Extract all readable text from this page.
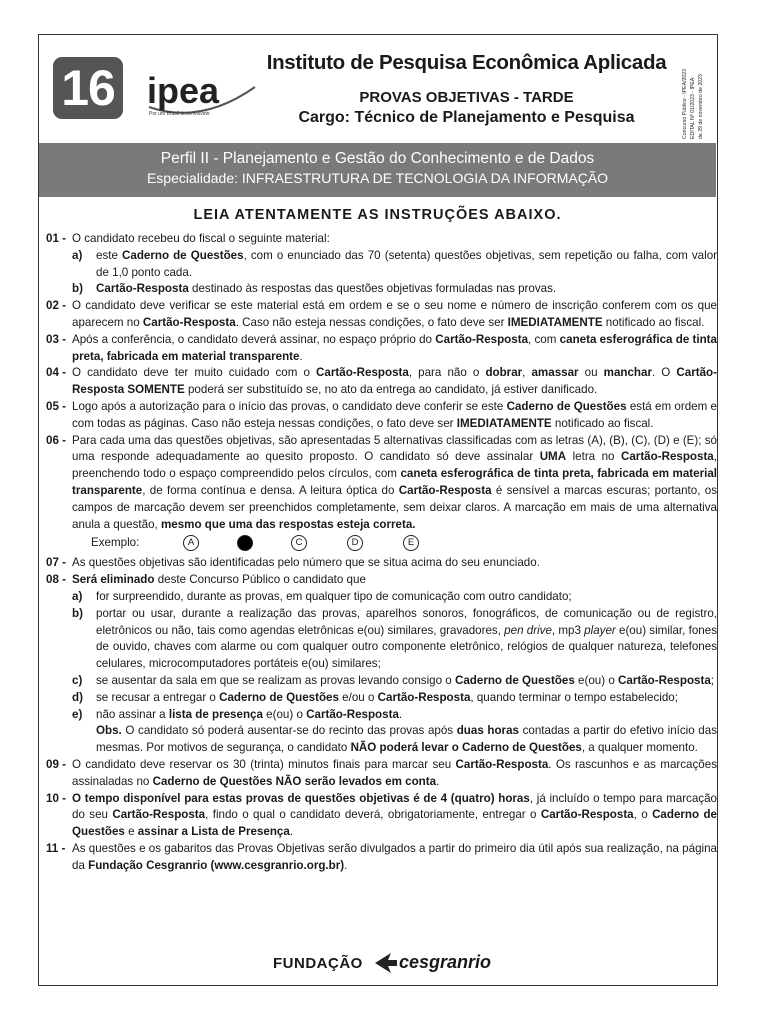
16 ipea
Por um Brasil desenvolvido
Instituto de Pesquisa Econômica Aplicada
PROVAS OBJETIVAS - TARDE
Cargo: Técnico de Planejamento e Pesquisa	Concurso Público - IPEA/2023 EDITAL Nº 01/2023 - IPEA de 29 de novembro de 2023
Perfil II - Planejamento e Gestão do Conhecimento e de Dados
Especialidade: INFRAESTRUTURA DE TECNOLOGIA DA INFORMAÇÃO
LEIA ATENTAMENTE AS INSTRUÇÕES ABAIXO.
01 - O candidato recebeu do fiscal o seguinte material:
a) este Caderno de Questões, com o enunciado das 70 (setenta) questões objetivas, sem repetição ou falha, com valor de 1,0 ponto cada.
b) Cartão-Resposta destinado às respostas das questões objetivas formuladas nas provas.
02 - O candidato deve verificar se este material está em ordem e se o seu nome e número de inscrição conferem com os que aparecem no Cartão-Resposta. Caso não esteja nessas condições, o fato deve ser IMEDIATAMENTE notificado ao fiscal.
03 - Após a conferência, o candidato deverá assinar, no espaço próprio do Cartão-Resposta, com caneta esferográfica de tinta preta, fabricada em material transparente.
04 - O candidato deve ter muito cuidado com o Cartão-Resposta, para não o dobrar, amassar ou manchar. O Cartão-Resposta SOMENTE poderá ser substituído se, no ato da entrega ao candidato, já estiver danificado.
05 - Logo após a autorização para o início das provas, o candidato deve conferir se este Caderno de Questões está em ordem e com todas as páginas. Caso não esteja nessas condições, o fato deve ser IMEDIATAMENTE notificado ao fiscal.
06 - Para cada uma das questões objetivas, são apresentadas 5 alternativas classificadas com as letras (A), (B), (C), (D) e (E); só uma responde adequadamente ao quesito proposto. O candidato só deve assinalar UMA letra no Cartão-Resposta, preenchendo todo o espaço compreendido pelos círculos, com caneta esferográfica de tinta preta, fabricada em material transparente, de forma contínua e densa. A leitura óptica do Cartão-Resposta é sensível a marcas escuras; portanto, os campos de marcação devem ser preenchidos completamente, sem deixar claros. A marcação em mais de uma alternativa anula a questão, mesmo que uma das respostas esteja correta.
Exemplo:	A	C	D	E
07 - As questões objetivas são identificadas pelo número que se situa acima do seu enunciado.
08 - Será eliminado deste Concurso Público o candidato que
a) for surpreendido, durante as provas, em qualquer tipo de comunicação com outro candidato;
b) portar ou usar, durante a realização das provas, aparelhos sonoros, fonográficos, de comunicação ou de registro, eletrônicos ou não, tais como agendas eletrônicas e(ou) similares, gravadores, pen drive, mp3 player e(ou) similar, fones de ouvido, chaves com alarme ou com qualquer outro componente eletrônico, relógios de qualquer natureza, telefones celulares, microcomputadores portáteis e(ou) similares;
c) se ausentar da sala em que se realizam as provas levando consigo o Caderno de Questões e(ou) o Cartão-Resposta;
d) se recusar a entregar o Caderno de Questões e/ou o Cartão-Resposta, quando terminar o tempo estabelecido;
e) não assinar a lista de presença e(ou) o Cartão-Resposta.
Obs. O candidato só poderá ausentar-se do recinto das provas após duas horas contadas a partir do efetivo início das mesmas. Por motivos de segurança, o candidato NÃO poderá levar o Caderno de Questões, a qualquer momento.
09 - O candidato deve reservar os 30 (trinta) minutos finais para marcar seu Cartão-Resposta. Os rascunhos e as marcações assinaladas no Caderno de Questões NÃO serão levados em conta.
10 - O tempo disponível para estas provas de questões objetivas é de 4 (quatro) horas, já incluído o tempo para marcação do seu Cartão-Resposta, findo o qual o candidato deverá, obrigatoriamente, entregar o Cartão-Resposta, o Caderno de Questões e assinar a Lista de Presença.
11 - As questões e os gabaritos das Provas Objetivas serão divulgados a partir do primeiro dia útil após sua realização, na página da Fundação Cesgranrio (www.cesgranrio.org.br).
FUNDAÇÃO cesgranrio
